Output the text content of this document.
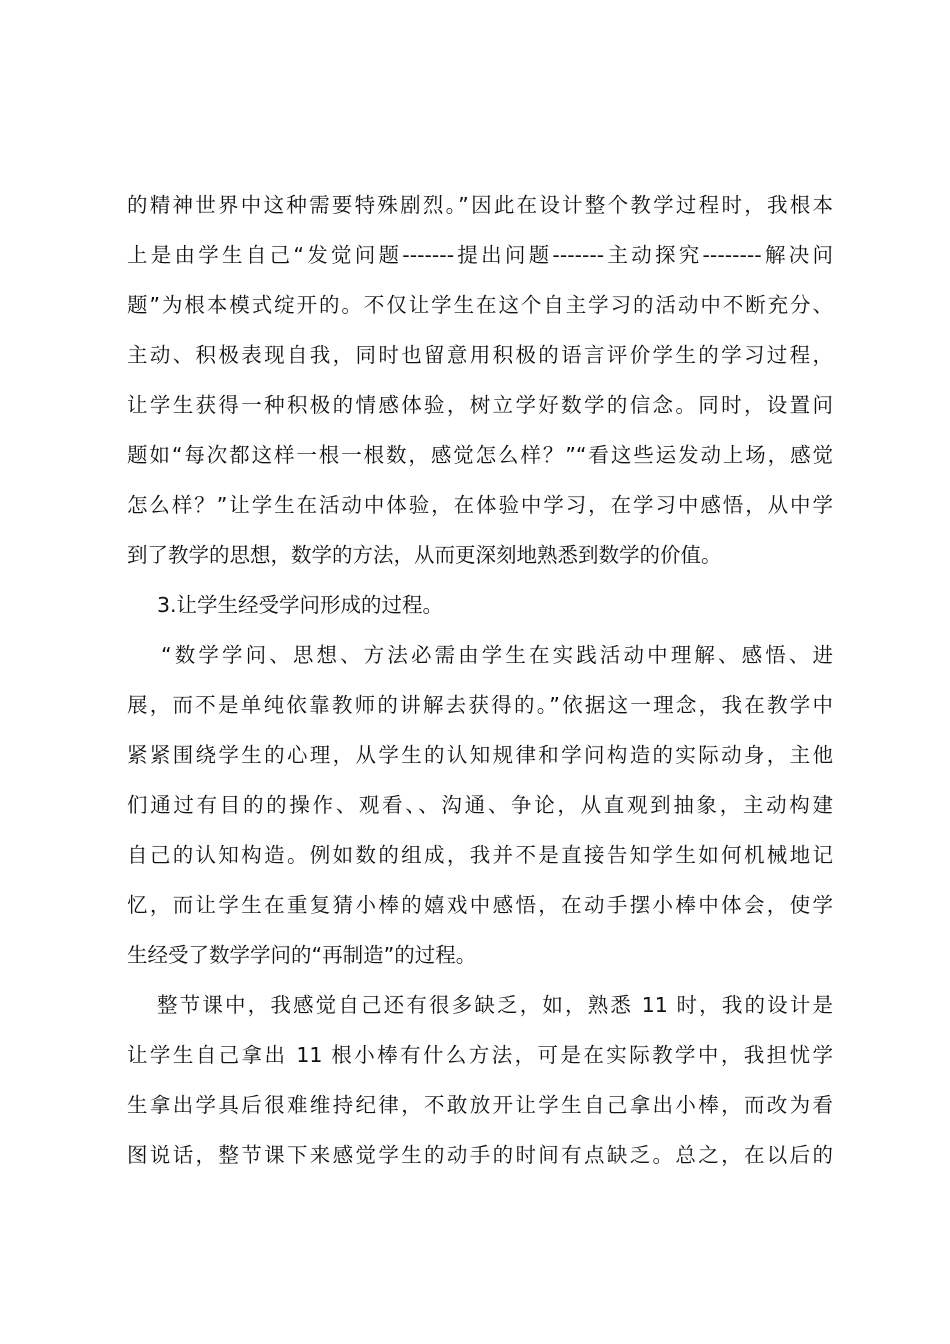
的精神世界中这种需要特殊剧烈。”因此在设计整个教学过程时，我根本
上是由学生自己“发觉问题-------提出问题-------主动探究--------解决问
题”为根本模式绽开的。不仅让学生在这个自主学习的活动中不断充分、
主动、积极表现自我，同时也留意用积极的语言评价学生的学习过程，
让学生获得一种积极的情感体验，树立学好数学的信念。同时，设置问
题如“每次都这样一根一根数，感觉怎么样？”“看这些运发动上场，感觉
怎么样？”让学生在活动中体验，在体验中学习，在学习中感悟，从中学
到了教学的思想，数学的方法，从而更深刻地熟悉到数学的价值。
3.让学生经受学问形成的过程。
“数学学问、思想、方法必需由学生在实践活动中理解、感悟、进
展，而不是单纯依靠教师的讲解去获得的。”依据这一理念，我在教学中
紧紧围绕学生的心理，从学生的认知规律和学问构造的实际动身，主他
们通过有目的的操作、观看、、沟通、争论，从直观到抽象，主动构建
自己的认知构造。例如数的组成，我并不是直接告知学生如何机械地记
忆，而让学生在重复猜小棒的嬉戏中感悟，在动手摆小棒中体会，使学
生经受了数学学问的“再制造”的过程。
整节课中，我感觉自己还有很多缺乏，如，熟悉 11 时，我的设计是
让学生自己拿出 11 根小棒有什么方法，可是在实际教学中，我担忧学
生拿出学具后很难维持纪律，不敢放开让学生自己拿出小棒，而改为看
图说话，整节课下来感觉学生的动手的时间有点缺乏。总之，在以后的
